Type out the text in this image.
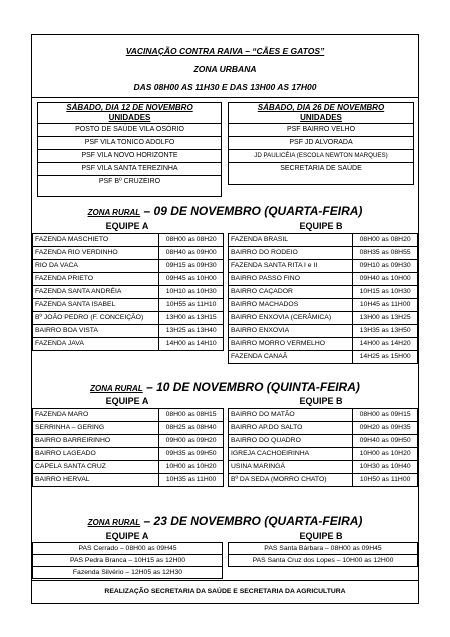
VACINAÇÃO CONTRA RAIVA – “CÃES E GATOS”
ZONA URBANA
DAS 08H00 AS 11H30 E DAS 13H00 AS 17H00
SÁBADO, DIA 12 DE NOVEMBRO
UNIDADES
POSTO DE SAÚDE VILA OSÓRIO
PSF VILA TONICO ADOLFO
PSF VILA NOVO HORIZONTE
PSF VILA SANTA TEREZINHA
PSF Bº CRUZEIRO
SÁBADO, DIA 26 DE NOVEMBRO
UNIDADES
PSF BAIRRO VELHO
PSF JD ALVORADA
JD PAULICÉIA (ESCOLA NEWTON MARQUES)
SECRETARIA DE SAÚDE
ZONA RURAL – 09 DE NOVEMBRO (QUARTA-FEIRA)
EQUIPE A	EQUIPE B
FAZENDA MASCHIETO	08H00 as 08H20
FAZENDA RIO VERDINHO	08H40 as 09H00
RIO DA VACA	09H15 as 09H30
FAZENDA PRIETO	09H45 as 10H00
FAZENDA SANTA ANDRÉIA	10H10 as 10H30
FAZENDA SANTA ISABEL	10H55 as 11H10
Bº JOÃO PEDRO (F. CONCEIÇÃO)	13H00 as 13H15
BAIRRO BOA VISTA	13H25 as 13H40
FAZENDA JAVA	14H00 as 14H10
FAZENDA BRASIL	08H00 as 08H20
BAIRRO DO RODEIO	08H35 as 08H55
FAZENDA SANTA RITA I e II	09H10 as 09H30
BAIRRO PASSO FINO	09H40 as 10H00
BAIRRO CAÇADOR	10H15 as 10H30
BAIRRO MACHADOS	10H45 as 11H00
BAIRRO ENXOVIA (CERÂMICA)	13H00 as 13H25
BAIRRO ENXOVIA	13H35 as 13H50
BAIRRO MORRO VERMELHO	14H00 as 14H20
FAZENDA CANAÃ	14H25 as 15H00
ZONA RURAL – 10 DE NOVEMBRO (QUINTA-FEIRA)
EQUIPE A	EQUIPE B
FAZENDA MARO	08H00 as 08H15
SERRINHA – GERING	08H25 as 08H40
BAIRRO BARREIRINHO	09H00 as 09H20
BAIRRO LAGEADO	09H35 as 09H50
CAPELA SANTA CRUZ	10H00 as 10H20
BAIRRO HERVAL	10H35 as 11H00
BAIRRO DO MATÃO	08H00 as 09H15
BAIRRO AP.DO SALTO	09H20 as 09H35
BAIRRO DO QUADRO	09H40 as 09H50
IGREJA CACHOEIRINHA	10H00 as 10H20
USINA MARINGÁ	10H30 as 10H40
Bº DA SEDA (MORRO CHATO)	10H50 as 11H00
ZONA RURAL – 23 DE NOVEMBRO (QUARTA-FEIRA)
EQUIPE A	EQUIPE B
PAS Cerrado – 08H00 as 09H45
PAS Pedra Branca – 10H15 as 12H00
Fazenda Silvério – 12H05 as 12H30
PAS Santa Bárbara – 08H00 as 09H45
PAS Santa Cruz dos Lopes – 10H00 as 12H00
REALIZAÇÃO SECRETARIA DA SAÚDE E SECRETARIA DA AGRICULTURA
